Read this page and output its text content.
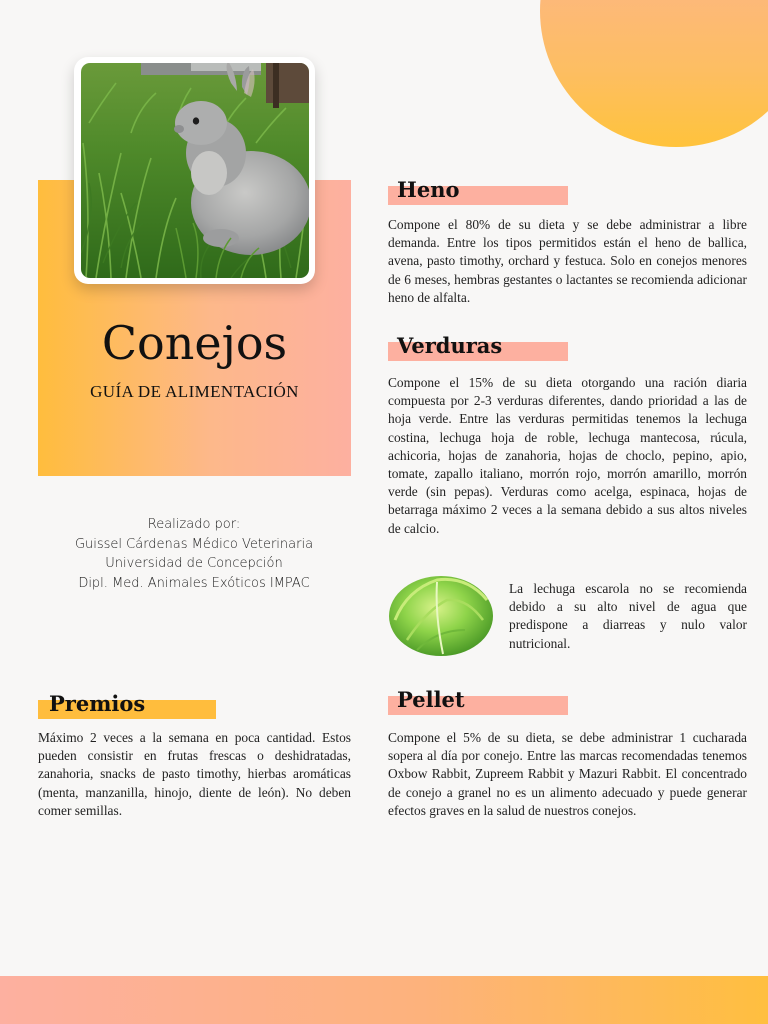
Conejos
GUÍA DE ALIMENTACIÓN
Realizado por:
Guissel Cárdenas Médico Veterinaria
Universidad de Concepción
Dipl. Med. Animales Exóticos IMPAC
Heno
Compone el 80% de su dieta y se debe administrar a libre demanda. Entre los tipos permitidos están el heno de ballica, avena, pasto timothy, orchard y festuca. Solo en conejos menores de 6 meses, hembras gestantes o lactantes se recomienda adicionar heno de alfalta.
Verduras
Compone el 15% de su dieta otorgando una ración diaria compuesta por 2-3 verduras diferentes, dando prioridad a las de hoja verde. Entre las verduras permitidas tenemos la lechuga costina, lechuga hoja de roble, lechuga mantecosa, rúcula, achicoria, hojas de zanahoria, hojas de choclo, pepino, apio, tomate, zapallo italiano, morrón rojo, morrón amarillo, morrón verde (sin pepas). Verduras como acelga, espinaca, hojas de betarraga máximo 2 veces a la semana debido a sus altos niveles de calcio.
La lechuga escarola no se recomienda debido a su alto nivel de agua que predispone a diarreas y nulo valor nutricional.
Premios
Máximo 2 veces a la semana en poca cantidad. Estos pueden consistir en frutas frescas o deshidratadas, zanahoria, snacks de pasto timothy, hierbas aromáticas (menta, manzanilla, hinojo, diente de león). No deben comer semillas.
Pellet
Compone el 5% de su dieta, se debe administrar 1 cucharada sopera al día por conejo. Entre las marcas recomendadas tenemos Oxbow Rabbit, Zupreem Rabbit y Mazuri Rabbit. El concentrado de conejo a granel no es un alimento adecuado y puede generar efectos graves en la salud de nuestros conejos.
